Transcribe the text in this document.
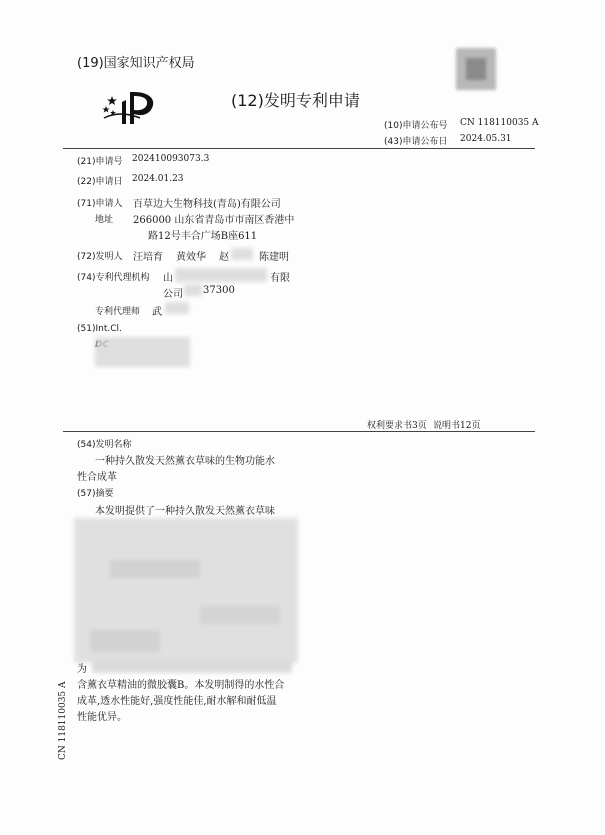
(19)国家知识产权局
(12)发明专利申请
(10)申请公布号 CN 118110035 A
(43)申请公布日 2024.05.31
(21)申请号 202410093073.3
(22)申请日 2024.01.23
(71)申请人 百草边大生物科技(青岛)有限公司
地址 266000 山东省青岛市市南区香港中
路12号丰合广场B座611
(72)发明人 汪培育 黄效华 赵	陈建明
(74)专利代理机构 山	有限
公司 37300
专利代理师 武
(51)Int.Cl.
权利要求书3页 说明书12页
(54)发明名称
一种持久散发天然薰衣草味的生物功能水
性合成革
(57)摘要
本发明提供了一种持久散发天然薰衣草味
为
含薰衣草精油的微胶囊B。本发明制得的水性合
成革,透水性能好,强度性能佳,耐水解和耐低温
性能优异。
CN 118110035 A
